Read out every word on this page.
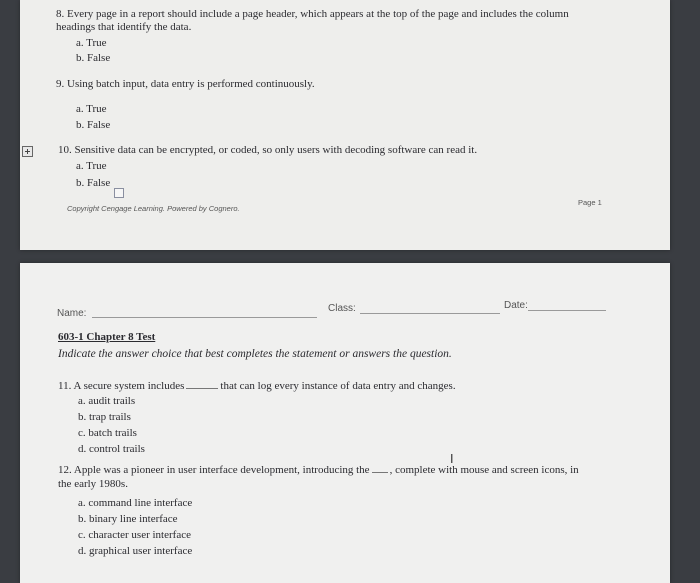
8. Every page in a report should include a page header, which appears at the top of the page and includes the column
headings that identify the data.
a. True
b. False
9. Using batch input, data entry is performed continuously.
a. True
b. False
10. Sensitive data can be encrypted, or coded, so only users with decoding software can read it.
a. True
b. False
Copyright Cengage Learning. Powered by Cognero.
Page 1
Name:	Class:	Date:
603-1 Chapter 8 Test
Indicate the answer choice that best completes the statement or answers the question.
11. A secure system includes	that can log every instance of data entry and changes.
a. audit trails
b. trap trails
c. batch trails
d. control trails
12. Apple was a pioneer in user interface development, introducing the , complete with mouse and screen icons, in
the early 1980s.
a. command line interface
b. binary line interface
c. character user interface
d. graphical user interface
I
